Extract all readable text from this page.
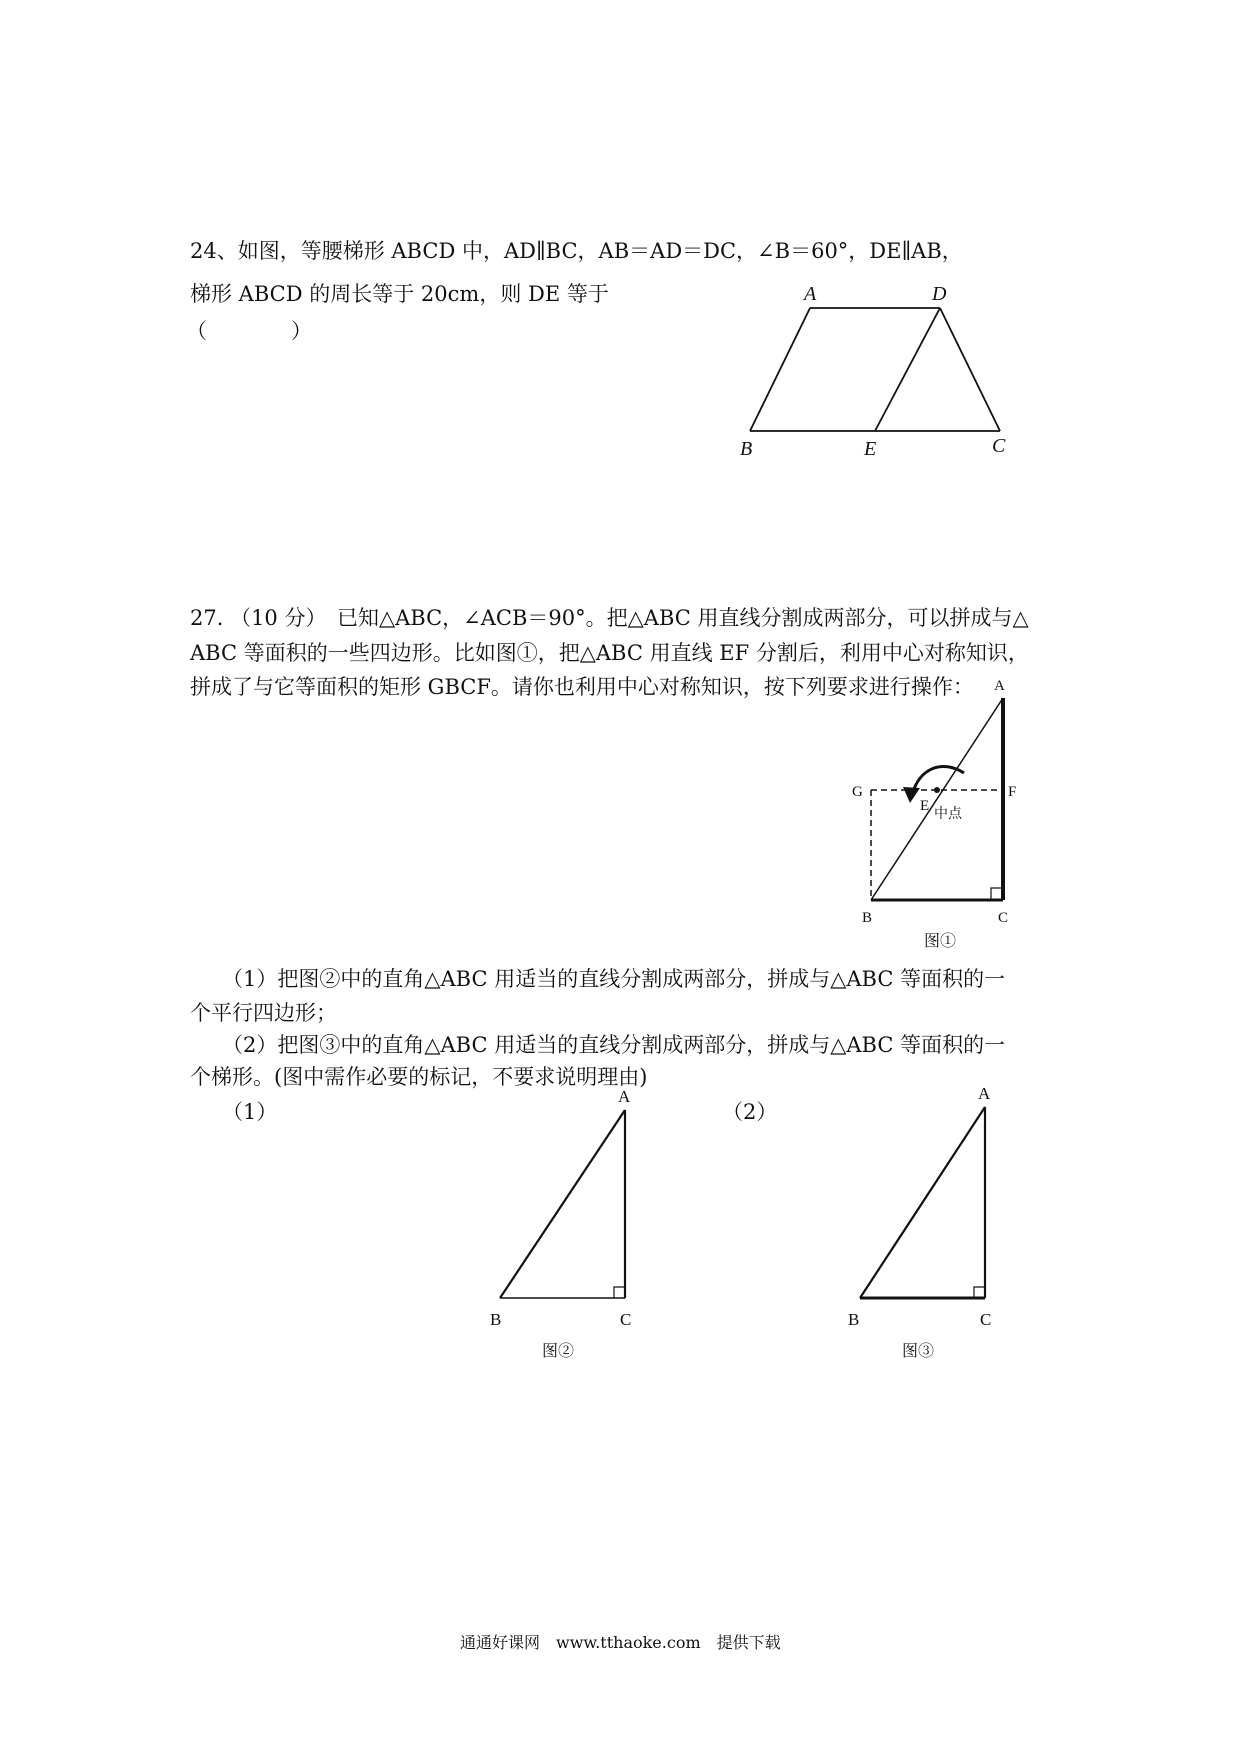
24、如图，等腰梯形 ABCD 中，AD∥BC，AB＝AD＝DC，∠B＝60°，DE∥AB，
梯形 ABCD 的周长等于 20cm，则 DE 等于
（　　　　）
A	D
B	E	C
27. （10 分）　已知△ABC，∠ACB＝90°。把△ABC 用直线分割成两部分，可以拼成与△
ABC 等面积的一些四边形。比如图①，把△ABC 用直线 EF 分割后，利用中心对称知识，
拼成了与它等面积的矩形 GBCF。请你也利用中心对称知识，按下列要求进行操作： A
G
E
F
中点
B	C
图①
（1）把图②中的直角△ABC 用适当的直线分割成两部分，拼成与△ABC 等面积的一
个平行四边形；
（2）把图③中的直角△ABC 用适当的直线分割成两部分，拼成与△ABC 等面积的一
个梯形。(图中需作必要的标记，不要求说明理由)
（1）	（2）
A
B	C
图②
A
B	C
图③
通通好课网　www.tthaoke.com　提供下载
